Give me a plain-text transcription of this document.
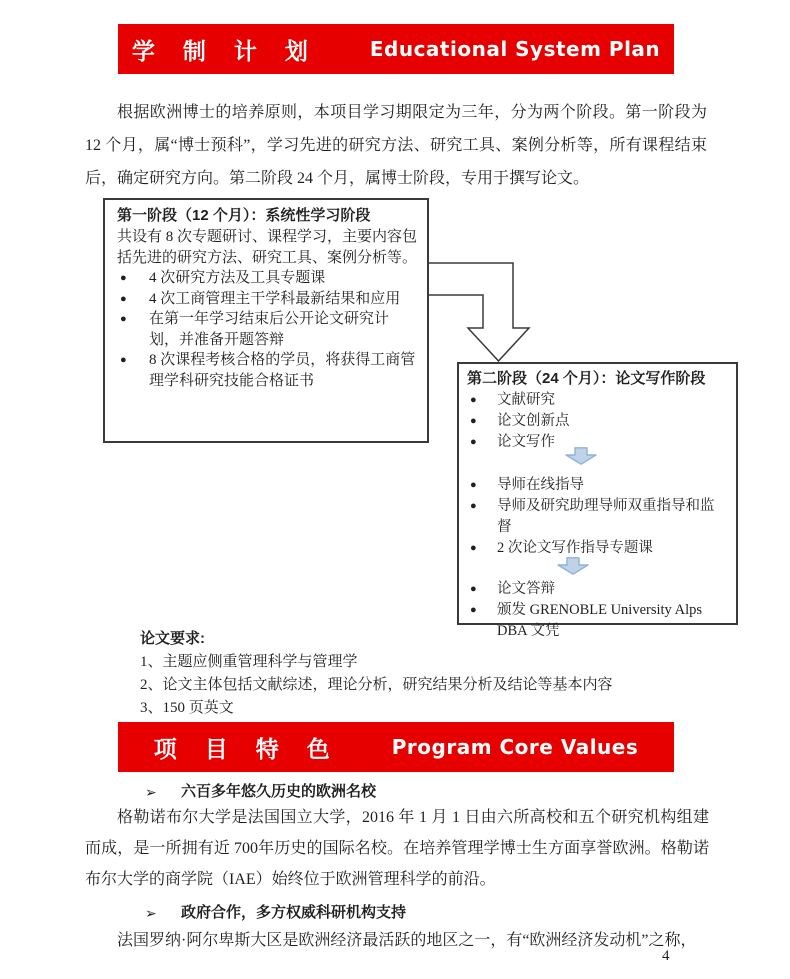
学 制 计 划	Educational System Plan

根据欧洲博士的培养原则，本项目学习期限定为三年，分为两个阶段。第一阶段为 12 个月，属“博士预科”，学习先进的研究方法、研究工具、案例分析等，所有课程结束后，确定研究方向。第二阶段 24 个月，属博士阶段，专用于撰写论文。

第一阶段（12 个月）：系统性学习阶段
共设有 8 次专题研讨、课程学习，主要内容包括先进的研究方法、研究工具、案例分析等。
●	4 次研究方法及工具专题课
●	4 次工商管理主干学科最新结果和应用
●	在第一年学习结束后公开论文研究计划，并准备开题答辩
●	8 次课程考核合格的学员，将获得工商管理学科研究技能合格证书	第二阶段（24 个月）：论文写作阶段
●	文献研究
●	论文创新点
●	论文写作
●	导师在线指导
●	导师及研究助理导师双重指导和监督
●	2 次论文写作指导专题课
●	论文答辩
●	颁发 GRENOBLE University Alps DBA 文凭
论文要求:
1、主题应侧重管理科学与管理学
2、论文主体包括文献综述，理论分析，研究结果分析及结论等基本内容
3、150 页英文
项 目 特 色	Program Core Values
➢	六百多年悠久历史的欧洲名校

格勒诺布尔大学是法国国立大学，2016 年 1 月 1 日由六所高校和五个研究机构组建而成，是一所拥有近 700年历史的国际名校。在培养管理学博士生方面享誉欧洲。格勒诺布尔大学的商学院（IAE）始终位于欧洲管理科学的前沿。

➢	政府合作，多方权威科研机构支持

法国罗纳·阿尔卑斯大区是欧洲经济最活跃的地区之一，有“欧洲经济发动机”之称，

4
